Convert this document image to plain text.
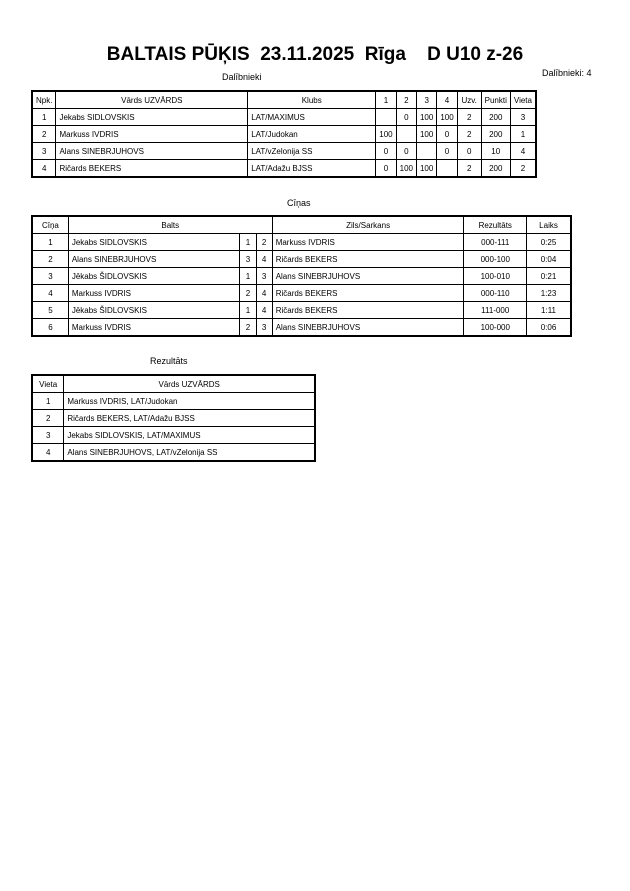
BALTAIS PŪĶIS  23.11.2025  Rīga    D U10 z-26
Dalībnieki	Dalībnieki: 4
Npk.	Vārds UZVĀRDS	Klubs	1	2	3	4	Uzv.	Punkti	Vieta
1	Jekabs SIDLOVSKIS	LAT/MAXIMUS		0	100	100	2	200	3
2	Markuss IVDRIS	LAT/Judokan	100		100	0	2	200	1
3	Alans SINEBRJUHOVS	LAT/vZelonija SS	0	0		0	0	10	4
4	Ričards BEKERS	LAT/Adažu BJSS	0	100	100		2	200	2
Cīņas
Cīņa	Balts			Zils/Sarkans	Rezultāts	Laiks
1	Jekabs SIDLOVSKIS	1	2	Markuss IVDRIS	000-111	0:25
2	Alans SINEBRJUHOVS	3	4	Ričards BEKERS	000-100	0:04
3	Jēkabs ŠIDLOVSKIS	1	3	Alans SINEBRJUHOVS	100-010	0:21
4	Markuss IVDRIS	2	4	Ričards BEKERS	000-110	1:23
5	Jēkabs ŠIDLOVSKIS	1	4	Ričards BEKERS	111-000	1:11
6	Markuss IVDRIS	2	3	Alans SINEBRJUHOVS	100-000	0:06
Rezultāts
Vieta	Vārds UZVĀRDS
1	Markuss IVDRIS, LAT/Judokan
2	Ričards BEKERS, LAT/Adažu BJSS
3	Jekabs SIDLOVSKIS, LAT/MAXIMUS
4	Alans SINEBRJUHOVS, LAT/vZelonija SS
